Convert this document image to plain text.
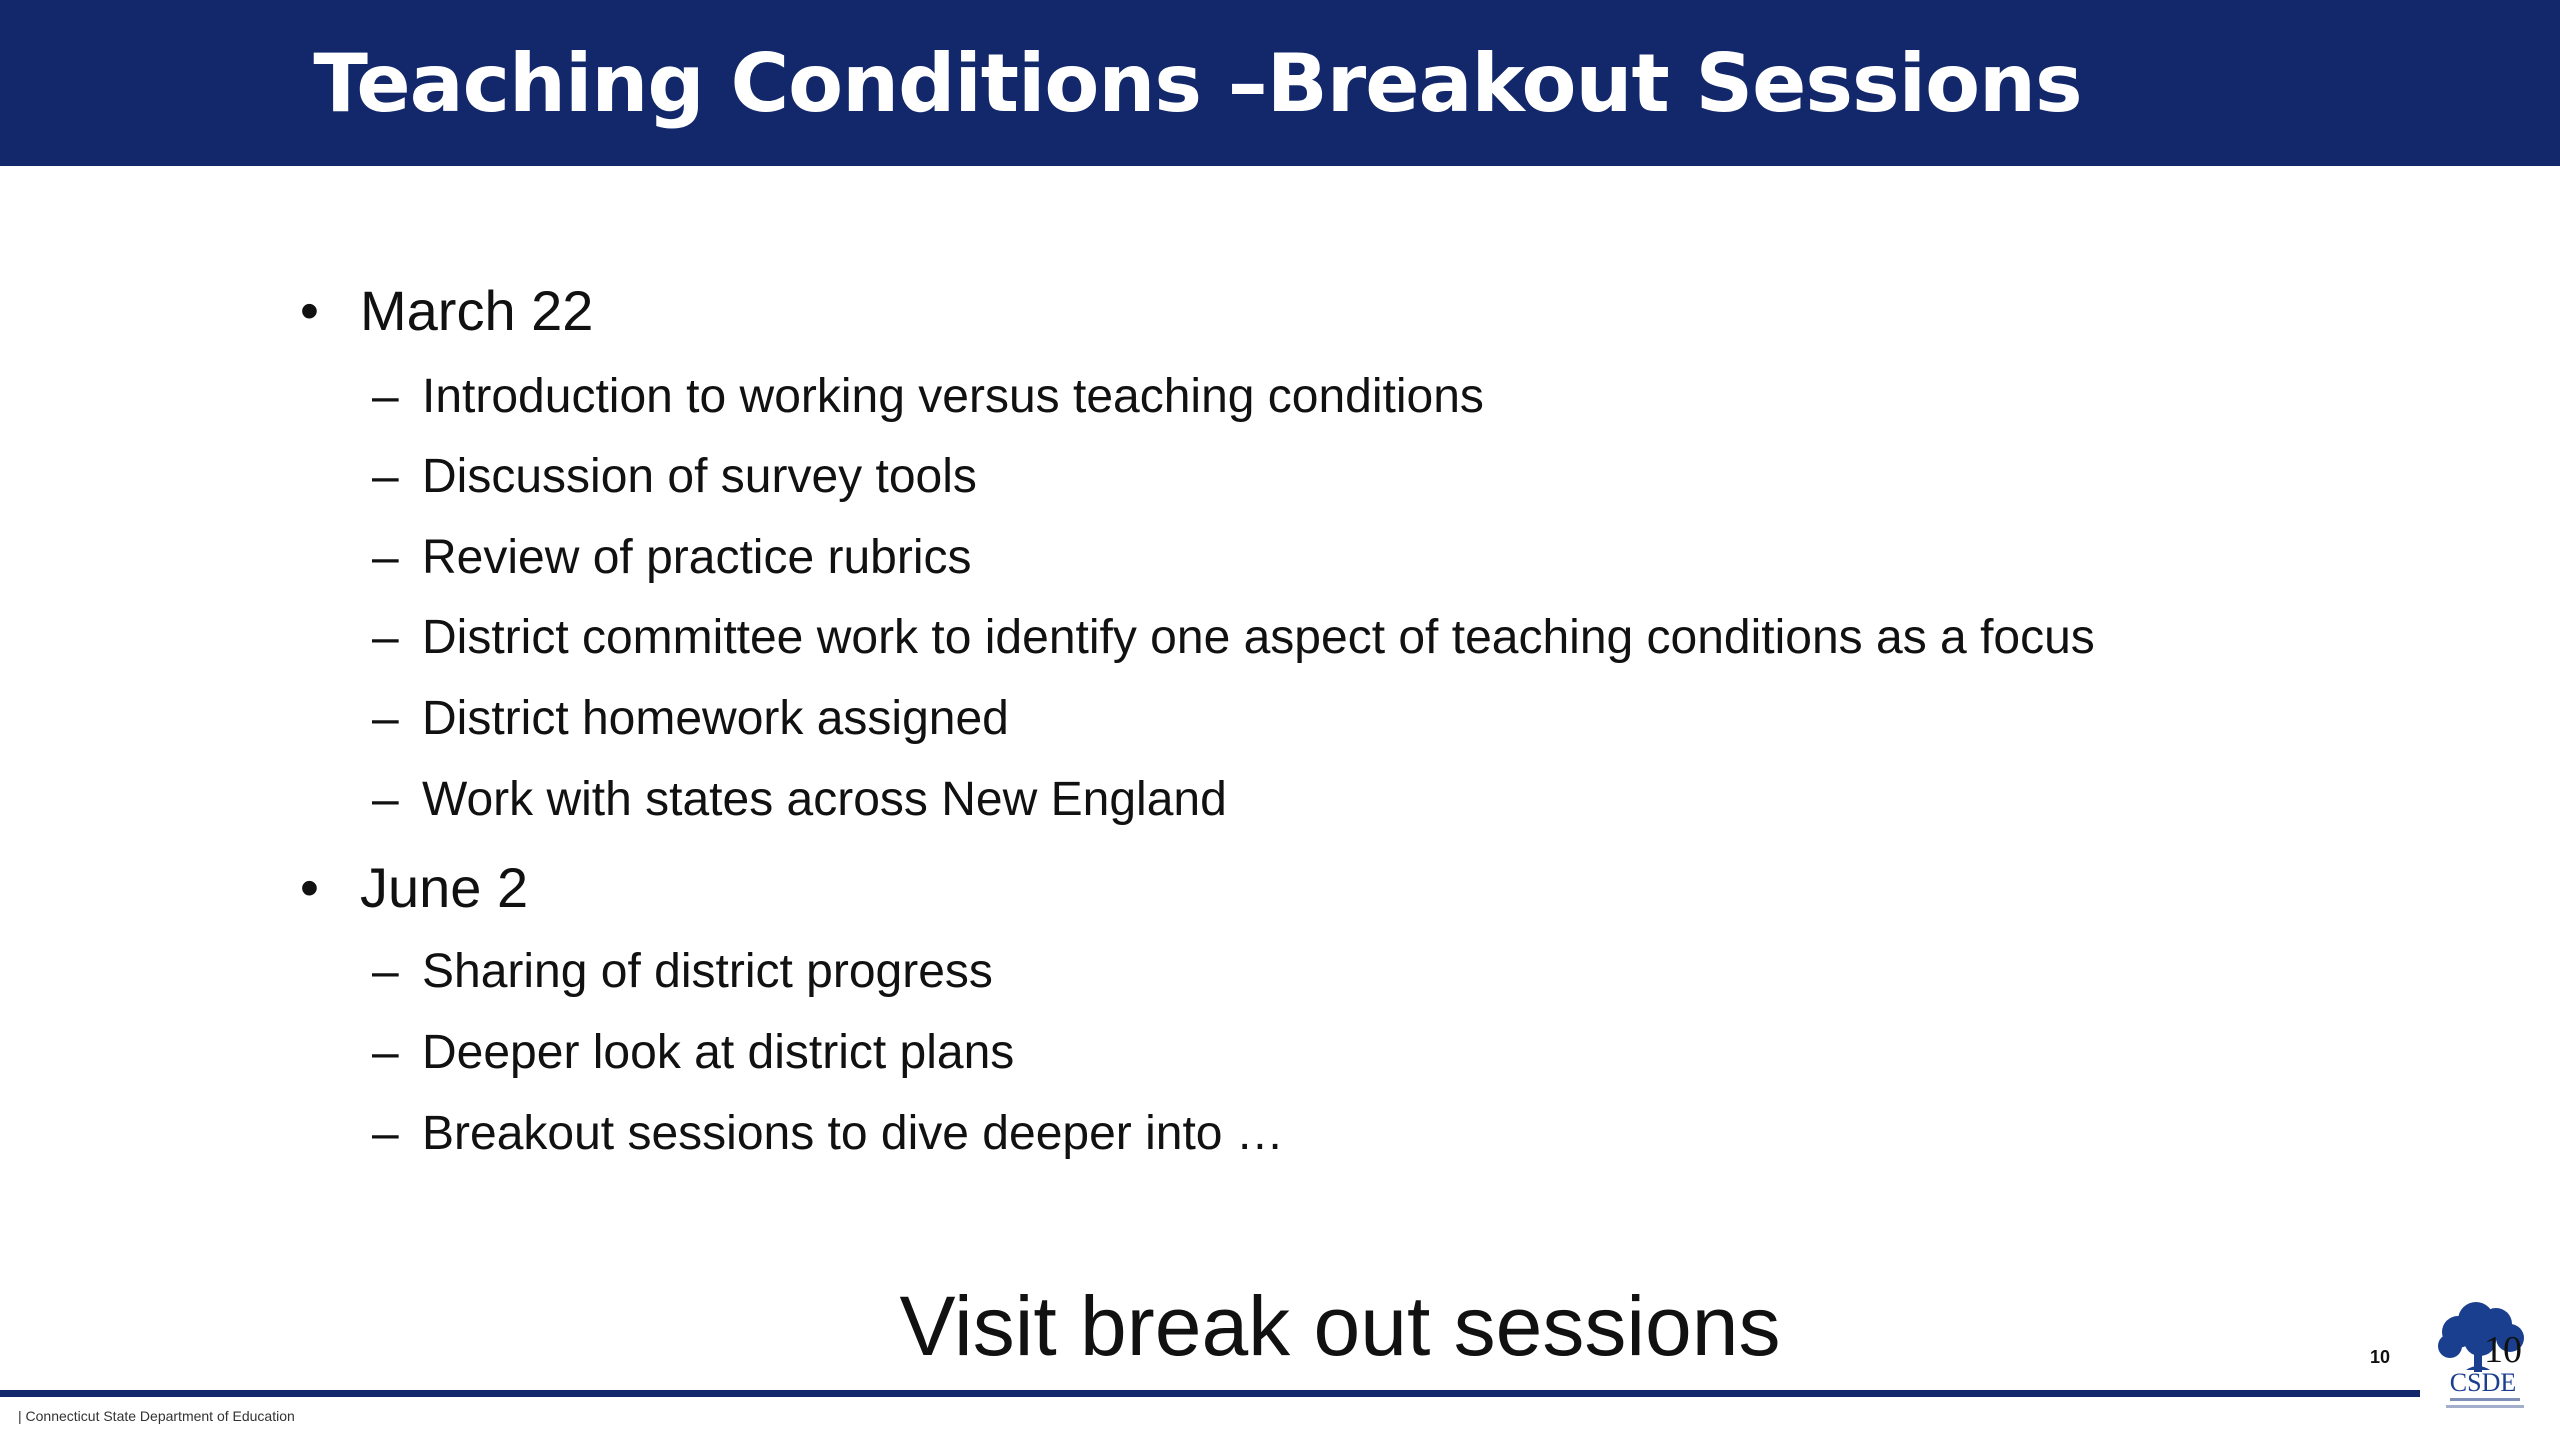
Teaching Conditions –Breakout Sessions
• March 22
– Introduction to working versus teaching conditions
– Discussion of survey tools
– Review of practice rubrics
– District committee work to identify one aspect of teaching conditions as a focus
– District homework assigned
– Work with states across New England
• June 2
– Sharing of district progress
– Deeper look at district plans
– Breakout sessions to dive deeper into …
Visit break out sessions	10 10
CSDE
| Connecticut State Department of Education
